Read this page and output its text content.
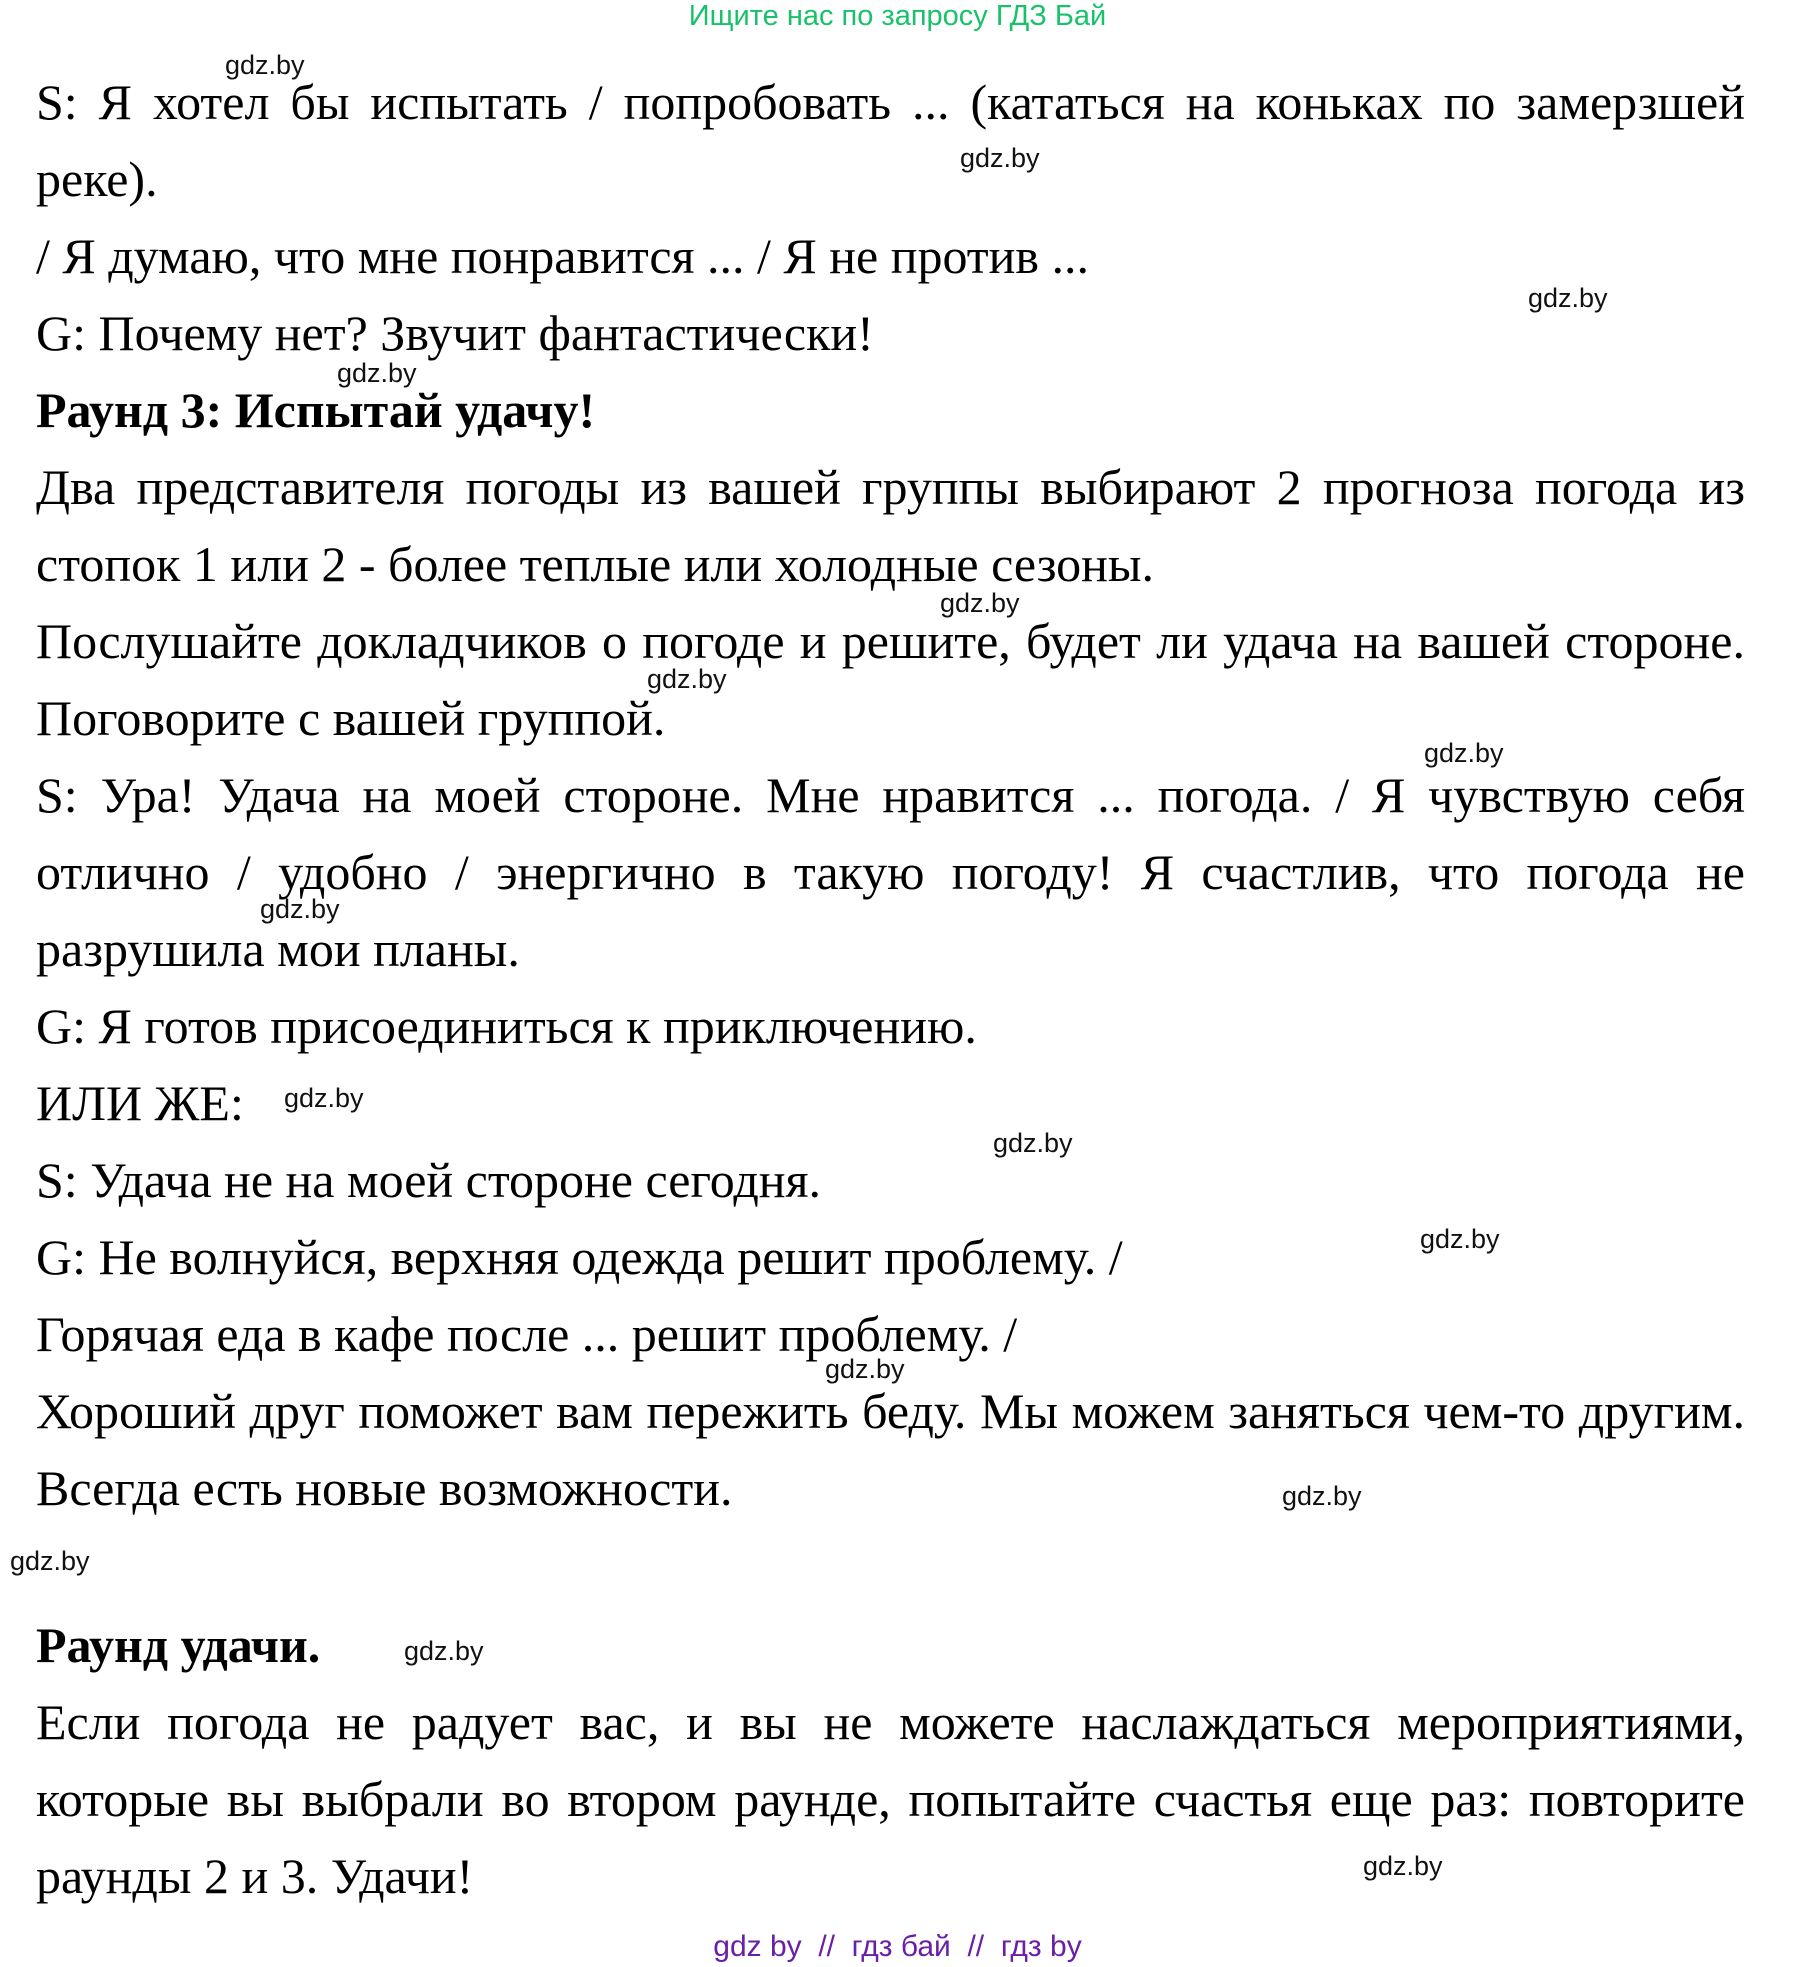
Ищите нас по запросу ГДЗ Бай

S: Я хотел бы испытать / попробовать ... (кататься на коньках по замерзшей реке).

/ Я думаю, что мне понравится ... / Я не против ...

G: Почему нет? Звучит фантастически!

Раунд 3: Испытай удачу!

Два представителя погоды из вашей группы выбирают 2 прогноза погода из стопок 1 или 2 - более теплые или холодные сезоны.

Послушайте докладчиков о погоде и решите, будет ли удача на вашей стороне. Поговорите с вашей группой.

S: Ура! Удача на моей стороне. Мне нравится ... погода. / Я чувствую себя отлично / удобно / энергично в такую погоду! Я счастлив, что погода не разрушила мои планы.

G: Я готов присоединиться к приключению.

ИЛИ ЖЕ:

S: Удача не на моей стороне сегодня.

G: Не волнуйся, верхняя одежда решит проблему. /

Горячая еда в кафе после ... решит проблему. /

Хороший друг поможет вам пережить беду. Мы можем заняться чем-то другим. Всегда есть новые возможности.

Раунд удачи.

Если погода не радует вас, и вы не можете наслаждаться мероприятиями, которые вы выбрали во втором раунде, попытайте счастья еще раз: повторите раунды 2 и 3. Удачи!

gdz.by
gdz.by
gdz.by
gdz.by
gdz.by
gdz.by
gdz.by
gdz.by
gdz.by
gdz.by
gdz.by
gdz.by
gdz.by
gdz.by
gdz.by
gdz.by
gdz by  //  гдз бай  //  гдз by
